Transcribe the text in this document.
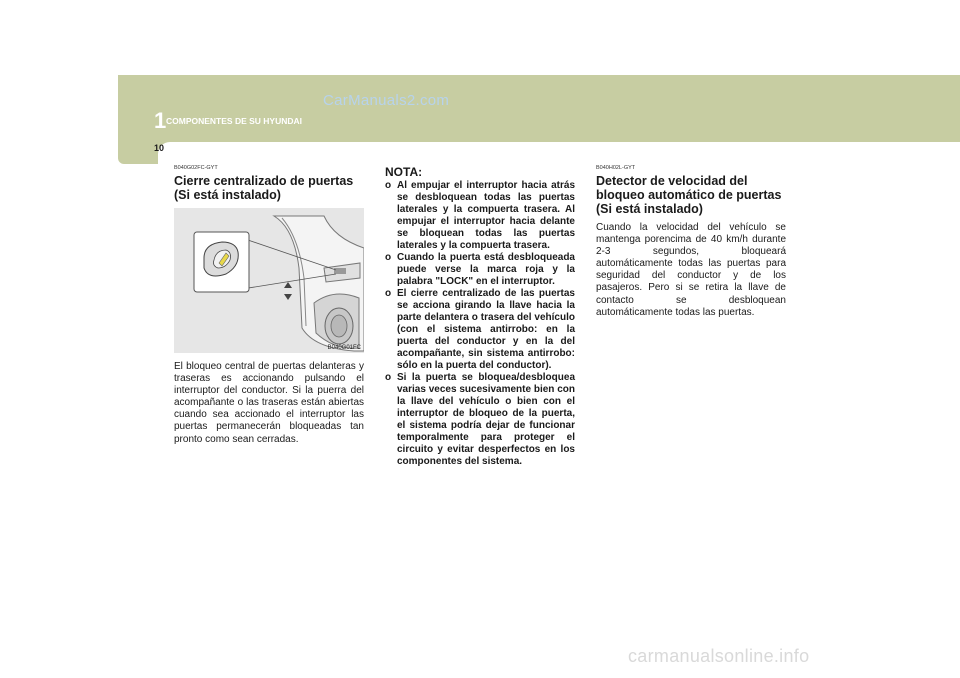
CarManuals2.com
1 COMPONENTES DE SU HYUNDAI
10
B040G02FC-GYT
Cierre centralizado de puertas (Si está instalado)
B040G01FC

El bloqueo central de puertas delanteras y traseras es accionando pulsando el interruptor del conductor. Si la puerra del acompañante o las traseras están abiertas cuando sea accionado el interruptor las puertas permanecerán bloqueadas tan pronto como sean cerradas.

NOTA:
o Al empujar el interruptor hacia atrás se desbloquean todas las puertas laterales y la compuerta trasera. Al empujar el interruptor hacia delante se bloquean todas las puertas laterales y la compuerta trasera.
o Cuando la puerta está desbloqueada puede verse la marca roja y la palabra "LOCK" en el interruptor.
o El cierre centralizado de las puertas se acciona girando la llave hacia la parte delantera o trasera del vehículo (con el sistema antirrobo: en la puerta del conductor y en la del acompañante, sin sistema antirrobo: sólo en la puerta del conductor).
o Si la puerta se bloquea/desbloquea varias veces sucesivamente bien con la llave del vehículo o bien con el interruptor de bloqueo de la puerta, el sistema podría dejar de funcionar temporalmente para proteger el circuito y evitar desperfectos en los componentes del sistema.
B040H02L-GYT
Detector de velocidad del bloqueo automático de puertas (Si está instalado)

Cuando la velocidad del vehículo se mantenga porencima de 40 km/h durante 2-3 segundos, bloqueará automáticamente todas las puertas para seguridad del conductor y de los pasajeros. Pero si se retira la llave de contacto se desbloquean automáticamente todas las puertas.

carmanualsonline.info
